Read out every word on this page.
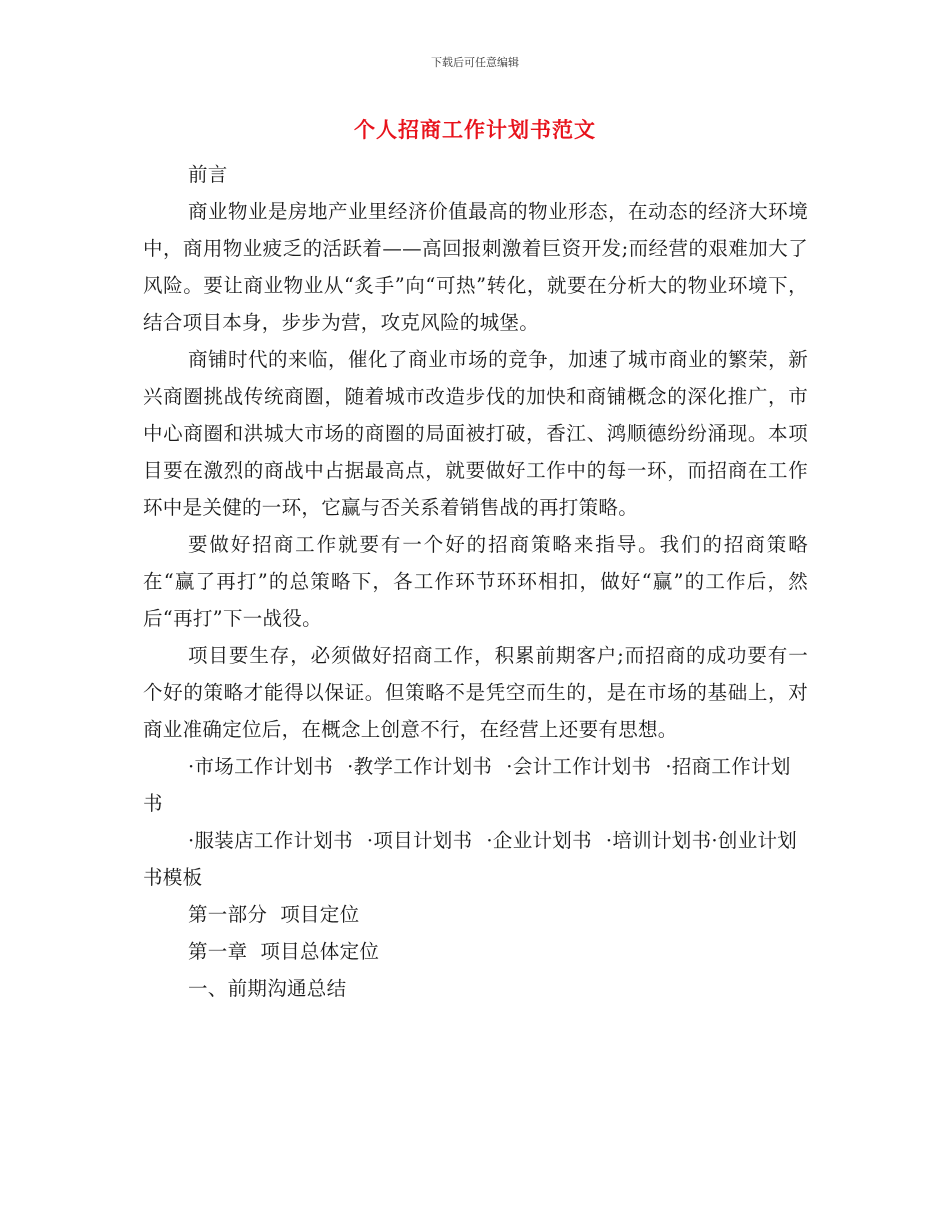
下载后可任意编辑
个人招商工作计划书范文

前言

商业物业是房地产业里经济价值最高的物业形态，在动态的经济大环境中，商用物业疲乏的活跃着——高回报刺激着巨资开发;而经营的艰难加大了风险。要让商业物业从“炙手”向“可热”转化，就要在分析大的物业环境下，结合项目本身，步步为营，攻克风险的城堡。

商铺时代的来临，催化了商业市场的竞争，加速了城市商业的繁荣，新兴商圈挑战传统商圈，随着城市改造步伐的加快和商铺概念的深化推广，市中心商圈和洪城大市场的商圈的局面被打破，香江、鸿顺德纷纷涌现。本项目要在激烈的商战中占据最高点，就要做好工作中的每一环，而招商在工作环中是关健的一环，它赢与否关系着销售战的再打策略。

要做好招商工作就要有一个好的招商策略来指导。我们的招商策略在“赢了再打”的总策略下，各工作环节环环相扣，做好“赢”的工作后，然后“再打”下一战役。

项目要生存，必须做好招商工作，积累前期客户;而招商的成功要有一个好的策略才能得以保证。但策略不是凭空而生的，是在市场的基础上，对商业准确定位后，在概念上创意不行，在经营上还要有思想。

·市场工作计划书 ·教学工作计划书 ·会计工作计划书 ·招商工作计划书

·服装店工作计划书 ·项目计划书 ·企业计划书 ·培训计划书·创业计划书模板

第一部分  项目定位

第一章  项目总体定位

一、前期沟通总结
